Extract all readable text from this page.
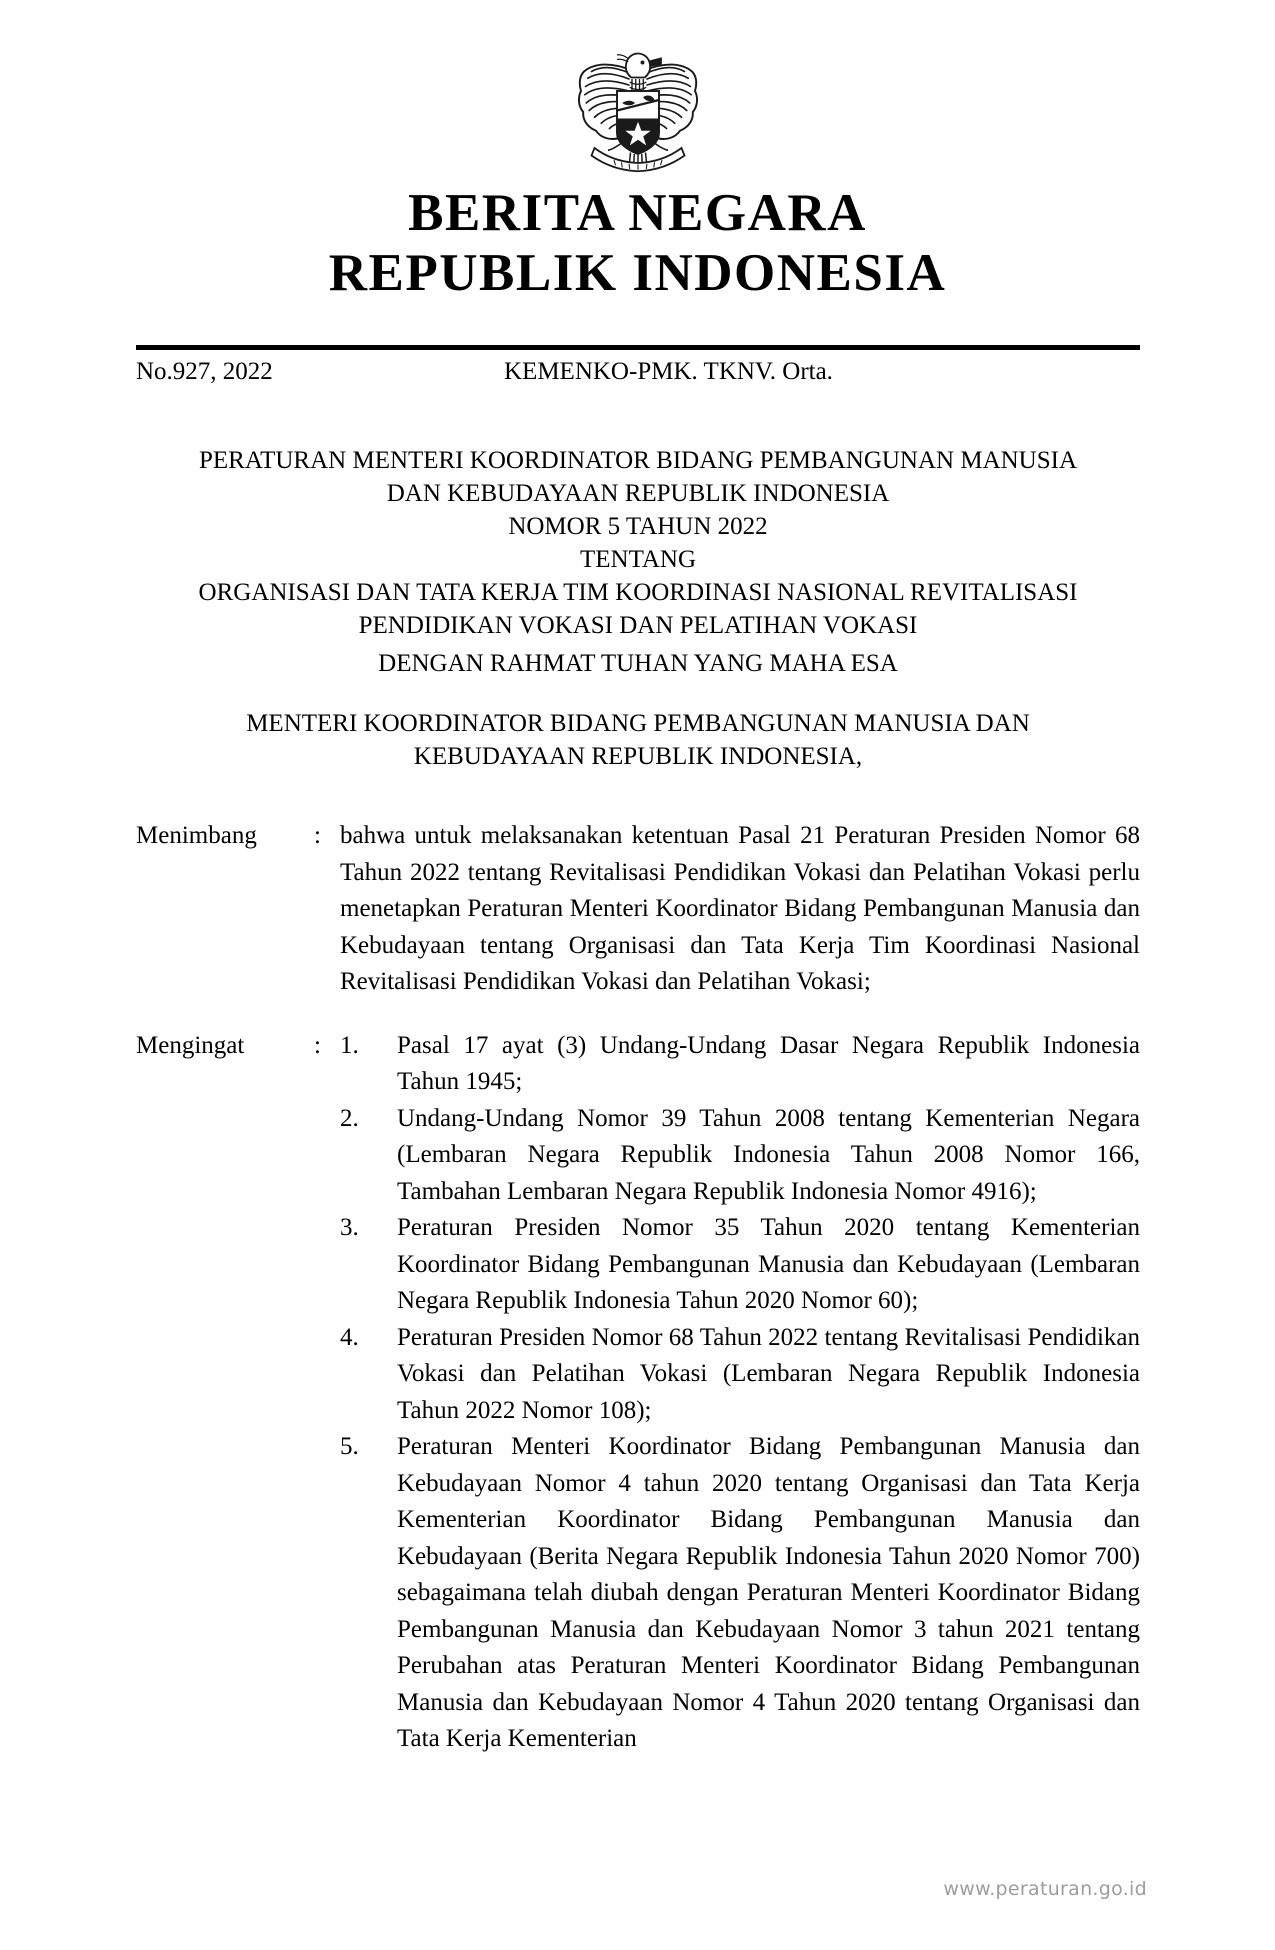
BERITA NEGARA
REPUBLIK INDONESIA
No.927, 2022	KEMENKO-PMK. TKNV. Orta.
PERATURAN MENTERI KOORDINATOR BIDANG PEMBANGUNAN MANUSIA
DAN KEBUDAYAAN REPUBLIK INDONESIA
NOMOR 5 TAHUN 2022
TENTANG
ORGANISASI DAN TATA KERJA TIM KOORDINASI NASIONAL REVITALISASI
PENDIDIKAN VOKASI DAN PELATIHAN VOKASI
DENGAN RAHMAT TUHAN YANG MAHA ESA
MENTERI KOORDINATOR BIDANG PEMBANGUNAN MANUSIA DAN
KEBUDAYAAN REPUBLIK INDONESIA,
Menimbang	: bahwa untuk melaksanakan ketentuan Pasal 21 Peraturan Presiden Nomor 68 Tahun 2022 tentang Revitalisasi Pendidikan Vokasi dan Pelatihan Vokasi perlu menetapkan Peraturan Menteri Koordinator Bidang Pembangunan Manusia dan Kebudayaan tentang Organisasi dan Tata Kerja Tim Koordinasi Nasional Revitalisasi Pendidikan Vokasi dan Pelatihan Vokasi;
Mengingat	: 1.	Pasal 17 ayat (3) Undang-Undang Dasar Negara Republik Indonesia Tahun 1945;
2.	Undang-Undang Nomor 39 Tahun 2008 tentang Kementerian Negara (Lembaran Negara Republik Indonesia Tahun 2008 Nomor 166, Tambahan Lembaran Negara Republik Indonesia Nomor 4916);
3.	Peraturan Presiden Nomor 35 Tahun 2020 tentang Kementerian Koordinator Bidang Pembangunan Manusia dan Kebudayaan (Lembaran Negara Republik Indonesia Tahun 2020 Nomor 60);
4.	Peraturan Presiden Nomor 68 Tahun 2022 tentang Revitalisasi Pendidikan Vokasi dan Pelatihan Vokasi (Lembaran Negara Republik Indonesia Tahun 2022 Nomor 108);
5.	Peraturan Menteri Koordinator Bidang Pembangunan Manusia dan Kebudayaan Nomor 4 tahun 2020 tentang Organisasi dan Tata Kerja Kementerian Koordinator Bidang Pembangunan Manusia dan Kebudayaan (Berita Negara Republik Indonesia Tahun 2020 Nomor 700) sebagaimana telah diubah dengan Peraturan Menteri Koordinator Bidang Pembangunan Manusia dan Kebudayaan Nomor 3 tahun 2021 tentang Perubahan atas Peraturan Menteri Koordinator Bidang Pembangunan Manusia dan Kebudayaan Nomor 4 Tahun 2020 tentang Organisasi dan Tata Kerja Kementerian
www.peraturan.go.id
